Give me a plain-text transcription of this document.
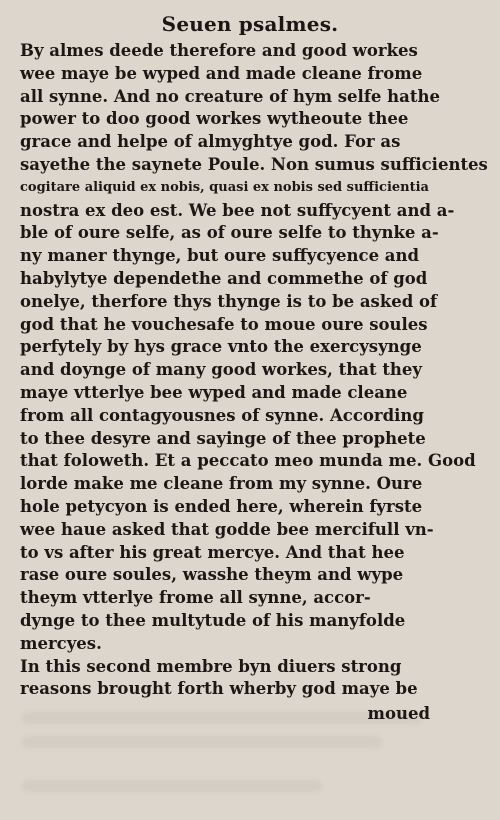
Seuen psalmes.
By almes deede therefore and good workes
wee maye be wyped and made cleane frome
all synne. And no creature of hym selfe hathe
power to doo good workes wytheoute thee
grace and helpe of almyghtye god. For as
sayethe the saynete Poule. Non sumus sufficientes
cogitare aliquid ex nobis, quasi ex nobis sed sufficientia
nostra ex deo est. We bee not suffycyent and a-
ble of oure selfe, as of oure selfe to thynke a-
ny maner thynge, but oure suffycyence and
habylytye dependethe and commethe of god
onelye, therfore thys thynge is to be asked of
god that he vouchesafe to moue oure soules
perfytely by hys grace vnto the exercysynge
and doynge of many good workes, that they
maye vtterlye bee wyped and made cleane
from all contagyousnes of synne. According
to thee desyre and sayinge of thee prophete
that foloweth. Et a peccato meo munda me. Good
lorde make me cleane from my synne. Oure
hole petycyon is ended here, wherein fyrste
wee haue asked that godde bee mercifull vn-
to vs after his great mercye. And that hee
rase oure soules, wasshe theym and wype
theym vtterlye frome all synne, accor-
dynge to thee multytude of his manyfolde
mercyes.
In this second membre byn diuers strong
reasons brought forth wherby god maye be
moued
